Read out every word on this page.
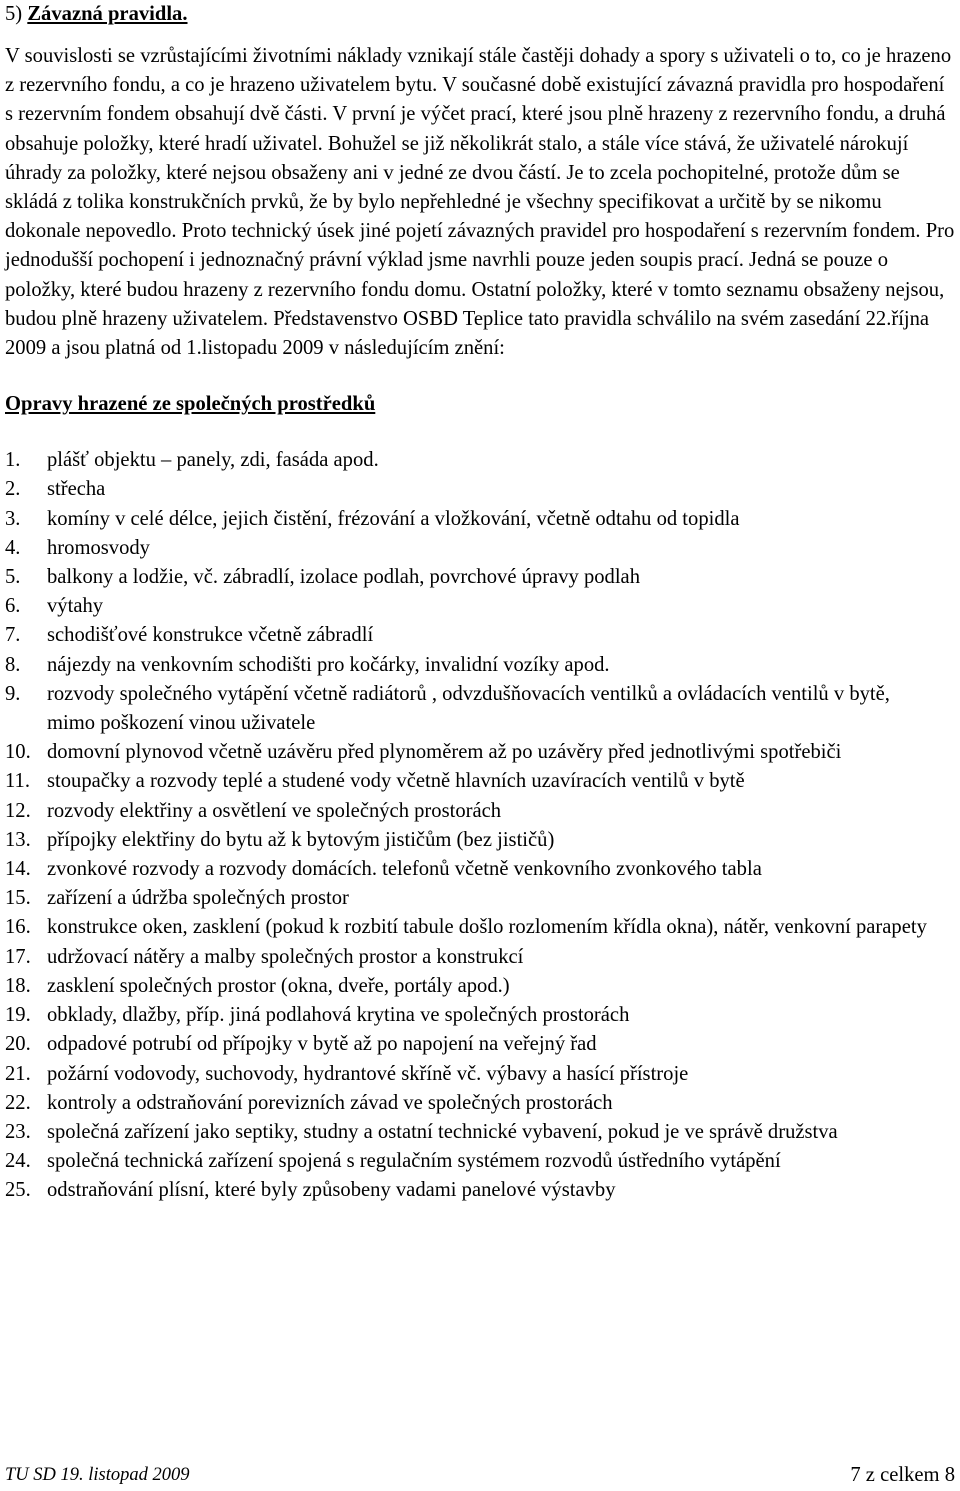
5) Závazná pravidla.

V souvislosti se vzrůstajícími životními náklady vznikají stále častěji dohady a spory s uživateli o to, co je hrazeno z rezervního fondu, a co je hrazeno uživatelem bytu. V současné době existující závazná pravidla pro hospodaření s rezervním fondem obsahují dvě části. V první je výčet prací, které jsou plně hrazeny z rezervního fondu, a druhá obsahuje položky, které hradí uživatel. Bohužel se již několikrát stalo, a stále více stává, že uživatelé nárokují úhrady za položky, které nejsou obsaženy ani v jedné ze dvou částí. Je to zcela pochopitelné, protože dům se skládá z tolika konstrukčních prvků, že by bylo nepřehledné je všechny specifikovat a určitě by se nikomu dokonale nepovedlo. Proto technický úsek jiné pojetí závazných pravidel pro hospodaření s rezervním fondem. Pro jednodušší pochopení i jednoznačný právní výklad jsme navrhli pouze jeden soupis prací. Jedná se pouze o položky, které budou hrazeny z rezervního fondu domu. Ostatní položky, které v tomto seznamu obsaženy nejsou, budou plně hrazeny uživatelem. Představenstvo OSBD Teplice tato pravidla schválilo na svém zasedání 22.října 2009 a jsou platná od 1.listopadu 2009 v následujícím znění:

Opravy hrazené ze společných prostředků
1.	plášť objektu – panely, zdi, fasáda apod.
2.	střecha
3.	komíny v celé délce, jejich čistění, frézování a vložkování, včetně odtahu od topidla
4.	hromosvody
5.	balkony a lodžie, vč. zábradlí, izolace podlah, povrchové úpravy podlah
6.	výtahy
7.	schodišťové konstrukce včetně zábradlí
8.	nájezdy na venkovním schodišti pro kočárky, invalidní vozíky apod.
9.	rozvody společného vytápění včetně radiátorů , odvzdušňovacích ventilků a ovládacích ventilů v bytě, mimo poškození vinou uživatele
10. domovní plynovod včetně uzávěru před plynoměrem až po uzávěry před jednotlivými spotřebiči
11. stoupačky a rozvody teplé a studené vody včetně hlavních uzavíracích ventilů v bytě
12. rozvody elektřiny a osvětlení ve společných prostorách
13. přípojky elektřiny do bytu až k bytovým jističům (bez jističů)
14. zvonkové rozvody a rozvody domácích. telefonů včetně venkovního zvonkového tabla
15. zařízení a údržba společných prostor
16. konstrukce oken, zasklení (pokud k rozbití tabule došlo rozlomením křídla okna), nátěr, venkovní parapety
17. udržovací nátěry a malby společných prostor a konstrukcí
18. zasklení společných prostor (okna, dveře, portály apod.)
19. obklady, dlažby, příp. jiná podlahová krytina ve společných prostorách
20. odpadové potrubí od přípojky v bytě až po napojení na veřejný řad
21. požární vodovody, suchovody, hydrantové skříně vč. výbavy a hasící přístroje
22. kontroly a odstraňování porevizních závad ve společných prostorách
23. společná zařízení jako septiky, studny a ostatní technické vybavení, pokud je ve správě družstva
24. společná technická zařízení spojená s regulačním systémem rozvodů ústředního vytápění
25. odstraňování plísní, které byly způsobeny vadami panelové výstavby
TU SD 19. listopad 2009	7 z celkem 8
